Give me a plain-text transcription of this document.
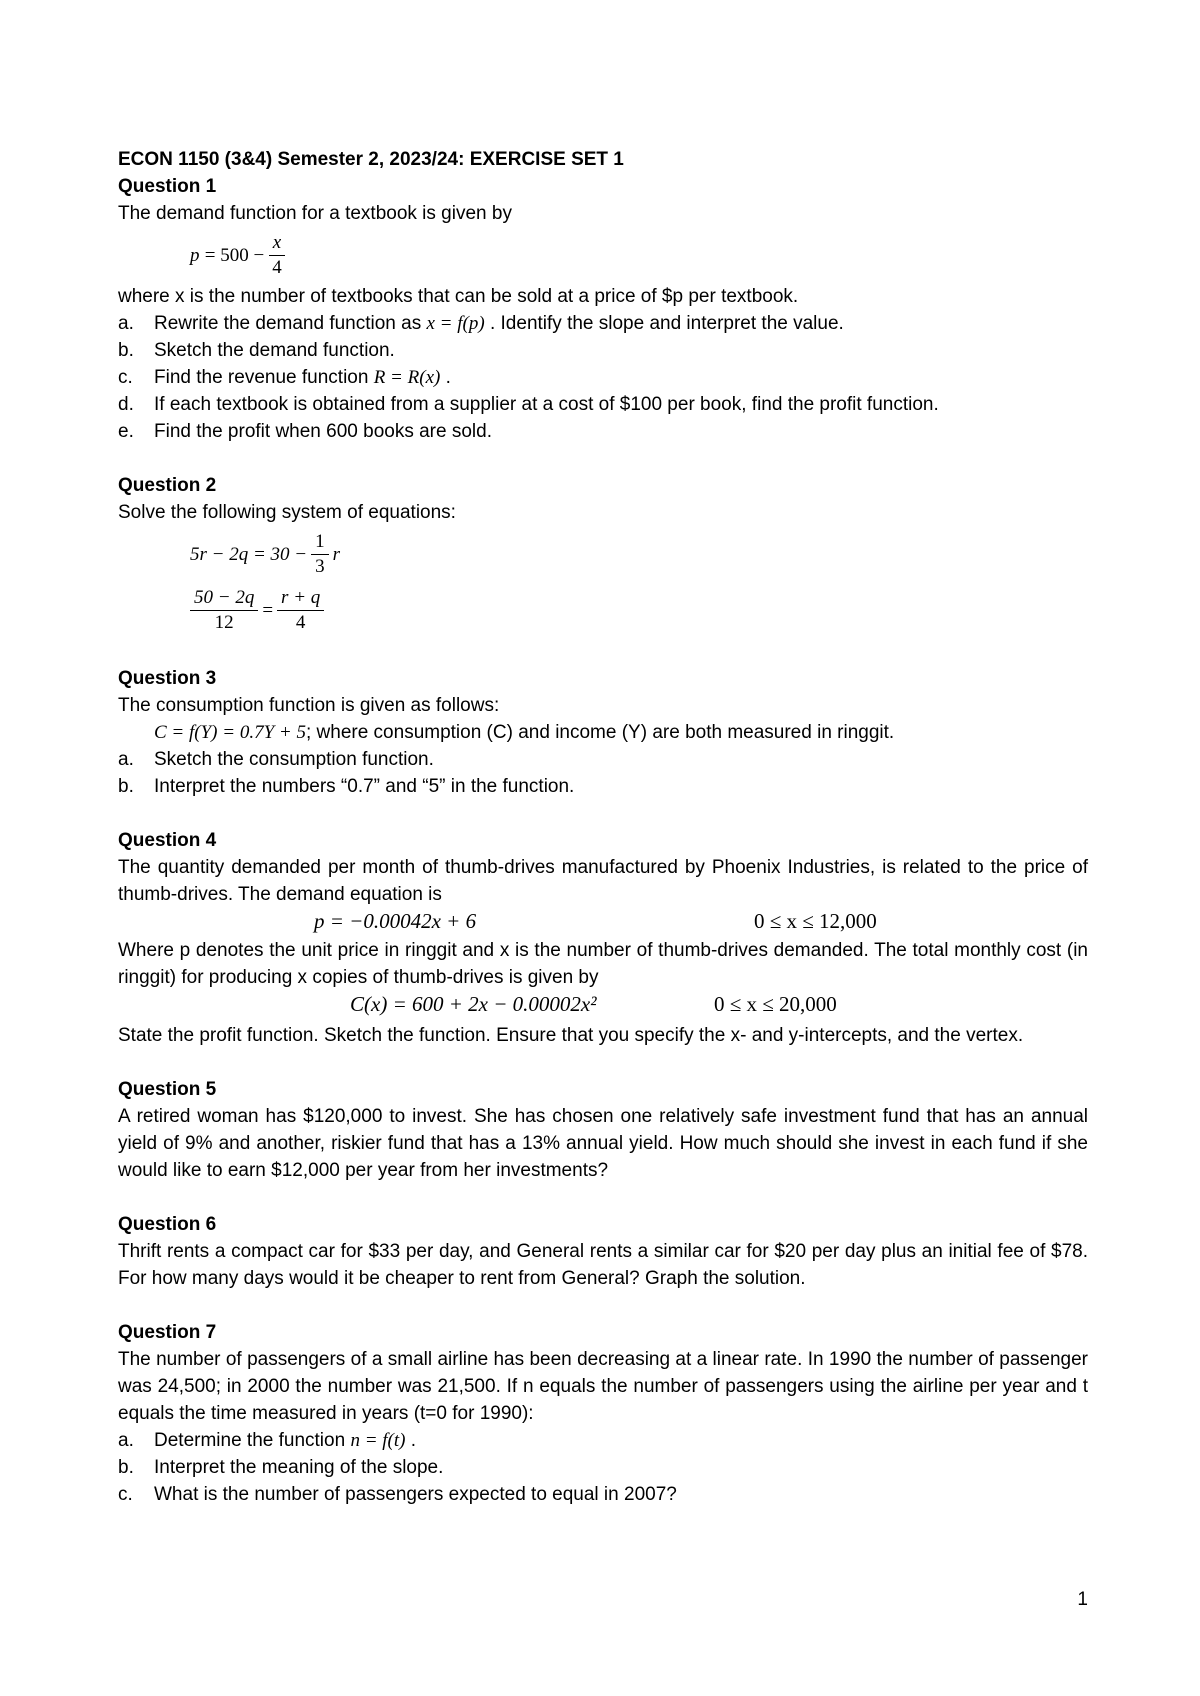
ECON 1150 (3&4) Semester 2, 2023/24: EXERCISE SET 1
Question 1
The demand function for a textbook is given by
p
= $500 - \frac{x}{4}$
where x is the number of textbooks that can be sold at a price of $p per textbook.
a.	Rewrite the demand function as x = f(p) . Identify the slope and interpret the value.
b.	Sketch the demand function.
c.	Find the revenue function R = R(x) .
d.	If each textbook is obtained from a supplier at a cost of $100 per book, find the profit function.
e.	Find the profit when 600 books are sold.
Question 2
Solve the following system of equations:
$5r - 2q = 30 - \frac{1}{3}$ r
$\frac{50 - 2q}{12} = \frac{r + q}{4}$
Question 3
The consumption function is given as follows:
C = f(Y) = 0.7Y + 5; where consumption (C) and income (Y) are both measured in ringgit.
a.	Sketch the consumption function.
b.	Interpret the numbers “0.7” and “5” in the function.
Question 4
The quantity demanded per month of thumb-drives manufactured by Phoenix Industries, is related to the price of thumb-drives. The demand equation is
p = −0.00042x + 6	0 ≤ x ≤ 12,000
Where p denotes the unit price in ringgit and x is the number of thumb-drives demanded. The total monthly cost (in ringgit) for producing x copies of thumb-drives is given by
C(x) = 600 + 2x − 0.00002x²	0 ≤ x ≤ 20,000
State the profit function. Sketch the function. Ensure that you specify the x- and y-intercepts, and the vertex.
Question 5
A retired woman has $120,000 to invest. She has chosen one relatively safe investment fund that has an annual yield of 9% and another, riskier fund that has a 13% annual yield. How much should she invest in each fund if she would like to earn $12,000 per year from her investments?
Question 6
Thrift rents a compact car for $33 per day, and General rents a similar car for $20 per day plus an initial fee of $78. For how many days would it be cheaper to rent from General? Graph the solution.
Question 7
The number of passengers of a small airline has been decreasing at a linear rate. In 1990 the number of passenger was 24,500; in 2000 the number was 21,500. If n equals the number of passengers using the airline per year and t equals the time measured in years (t=0 for 1990):
a.	Determine the function n = f(t) .
b.	Interpret the meaning of the slope.
c.	What is the number of passengers expected to equal in 2007?
1
